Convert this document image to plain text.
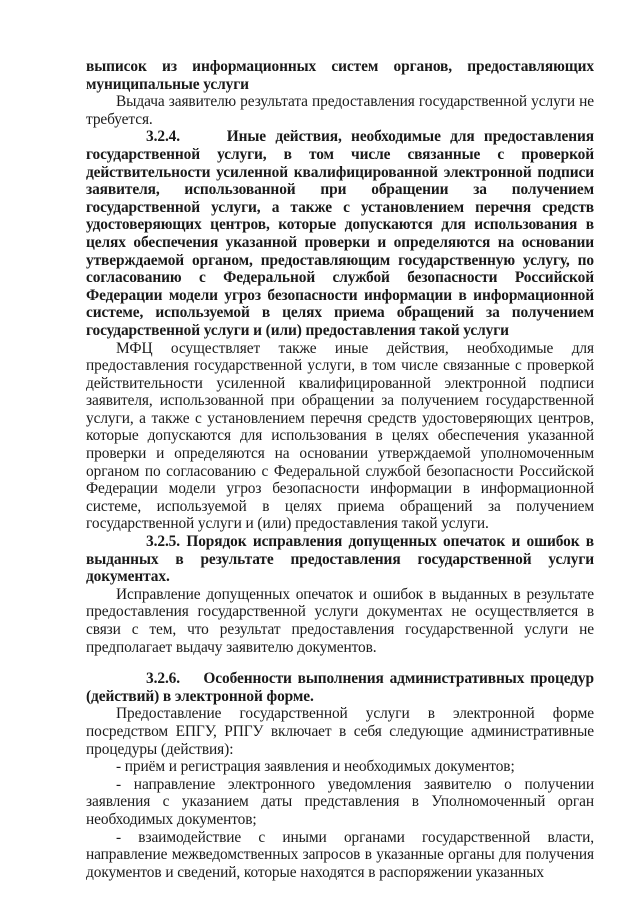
выписок из информационных систем органов, предоставляющих муниципальные услуги

Выдача заявителю результата предоставления государственной услуги не требуется.

3.2.4.	Иные действия, необходимые для предоставления государственной услуги, в том числе связанные с проверкой действительности усиленной квалифицированной электронной подписи заявителя, использованной при обращении за получением государственной услуги, а также с установлением перечня средств удостоверяющих центров, которые допускаются для использования в целях обеспечения указанной проверки и определяются на основании утверждаемой органом, предоставляющим государственную услугу, по согласованию с Федеральной службой безопасности Российской Федерации модели угроз безопасности информации в информационной системе, используемой в целях приема обращений за получением государственной услуги и (или) предоставления такой услуги

МФЦ осуществляет также иные действия, необходимые для предоставления государственной услуги, в том числе связанные с проверкой действительности усиленной квалифицированной электронной подписи заявителя, использованной при обращении за получением государственной услуги, а также с установлением перечня средств удостоверяющих центров, которые допускаются для использования в целях обеспечения указанной проверки и определяются на основании утверждаемой уполномоченным органом по согласованию с Федеральной службой безопасности Российской Федерации модели угроз безопасности информации в информационной системе, используемой в целях приема обращений за получением государственной услуги и (или) предоставления такой услуги.

3.2.5. Порядок исправления допущенных опечаток и ошибок в выданных в результате предоставления государственной услуги документах.

Исправление допущенных опечаток и ошибок в выданных в результате предоставления государственной услуги документах не осуществляется в связи с тем, что результат предоставления государственной услуги не предполагает выдачу заявителю документов.

3.2.6. Особенности выполнения административных процедур (действий) в электронной форме.

Предоставление государственной услуги в электронной форме посредством ЕПГУ, РПГУ включает в себя следующие административные процедуры (действия):

- приём и регистрация заявления и необходимых документов;

- направление электронного уведомления заявителю о получении заявления с указанием даты представления в Уполномоченный орган необходимых документов;

- взаимодействие с иными органами государственной власти, направление межведомственных запросов в указанные органы для получения документов и сведений, которые находятся в распоряжении указанных
